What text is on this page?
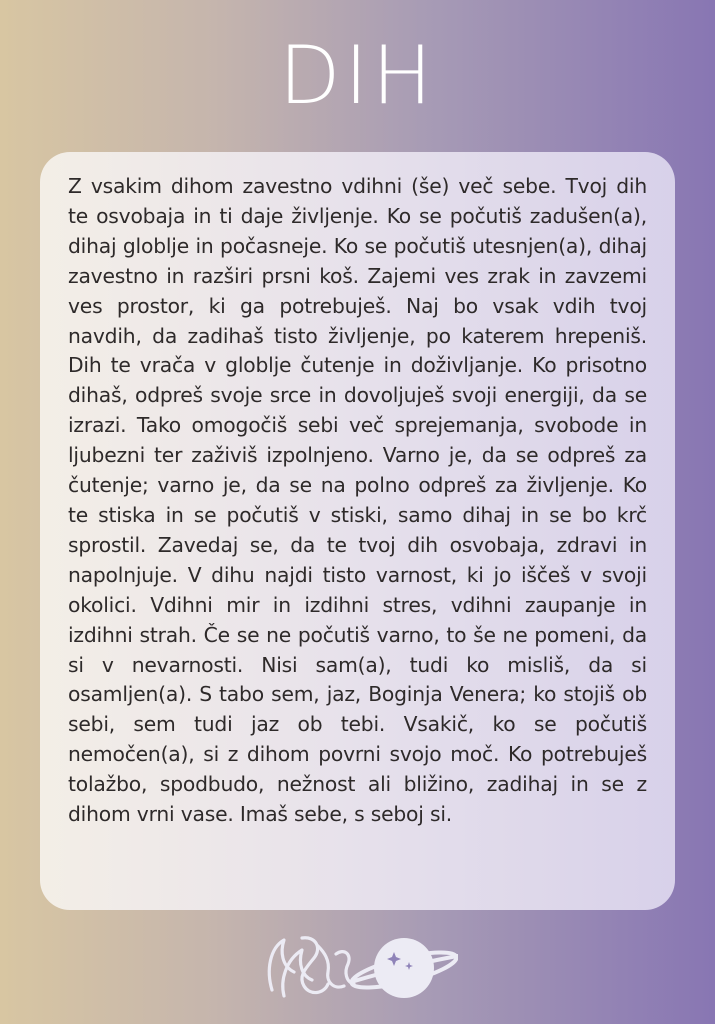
DIH

Z vsakim dihom zavestno vdihni (še) več sebe. Tvoj dih te osvobaja in ti daje življenje. Ko se počutiš zadušen(a), dihaj globlje in počasneje. Ko se počutiš utesnjen(a), dihaj zavestno in razširi prsni koš. Zajemi ves zrak in zavzemi ves prostor, ki ga potrebuješ. Naj bo vsak vdih tvoj navdih, da zadihaš tisto življenje, po katerem hrepeniš. Dih te vrača v globlje čutenje in doživljanje. Ko prisotno dihaš, odpreš svoje srce in dovoljuješ svoji energiji, da se izrazi. Tako omogočiš sebi več sprejemanja, svobode in ljubezni ter zaživiš izpolnjeno. Varno je, da se odpreš za čutenje; varno je, da se na polno odpreš za življenje. Ko te stiska in se počutiš v stiski, samo dihaj in se bo krč sprostil. Zavedaj se, da te tvoj dih osvobaja, zdravi in napolnjuje. V dihu najdi tisto varnost, ki jo iščeš v svoji okolici. Vdihni mir in izdihni stres, vdihni zaupanje in izdihni strah. Če se ne počutiš varno, to še ne pomeni, da si v nevarnosti. Nisi sam(a), tudi ko misliš, da si osamljen(a). S tabo sem, jaz, Boginja Venera; ko stojiš ob sebi, sem tudi jaz ob tebi. Vsakič, ko se počutiš nemočen(a), si z dihom povrni svojo moč. Ko potrebuješ tolažbo, spodbudo, nežnost ali bližino, zadihaj in se z dihom vrni vase. Imaš sebe, s seboj si.
